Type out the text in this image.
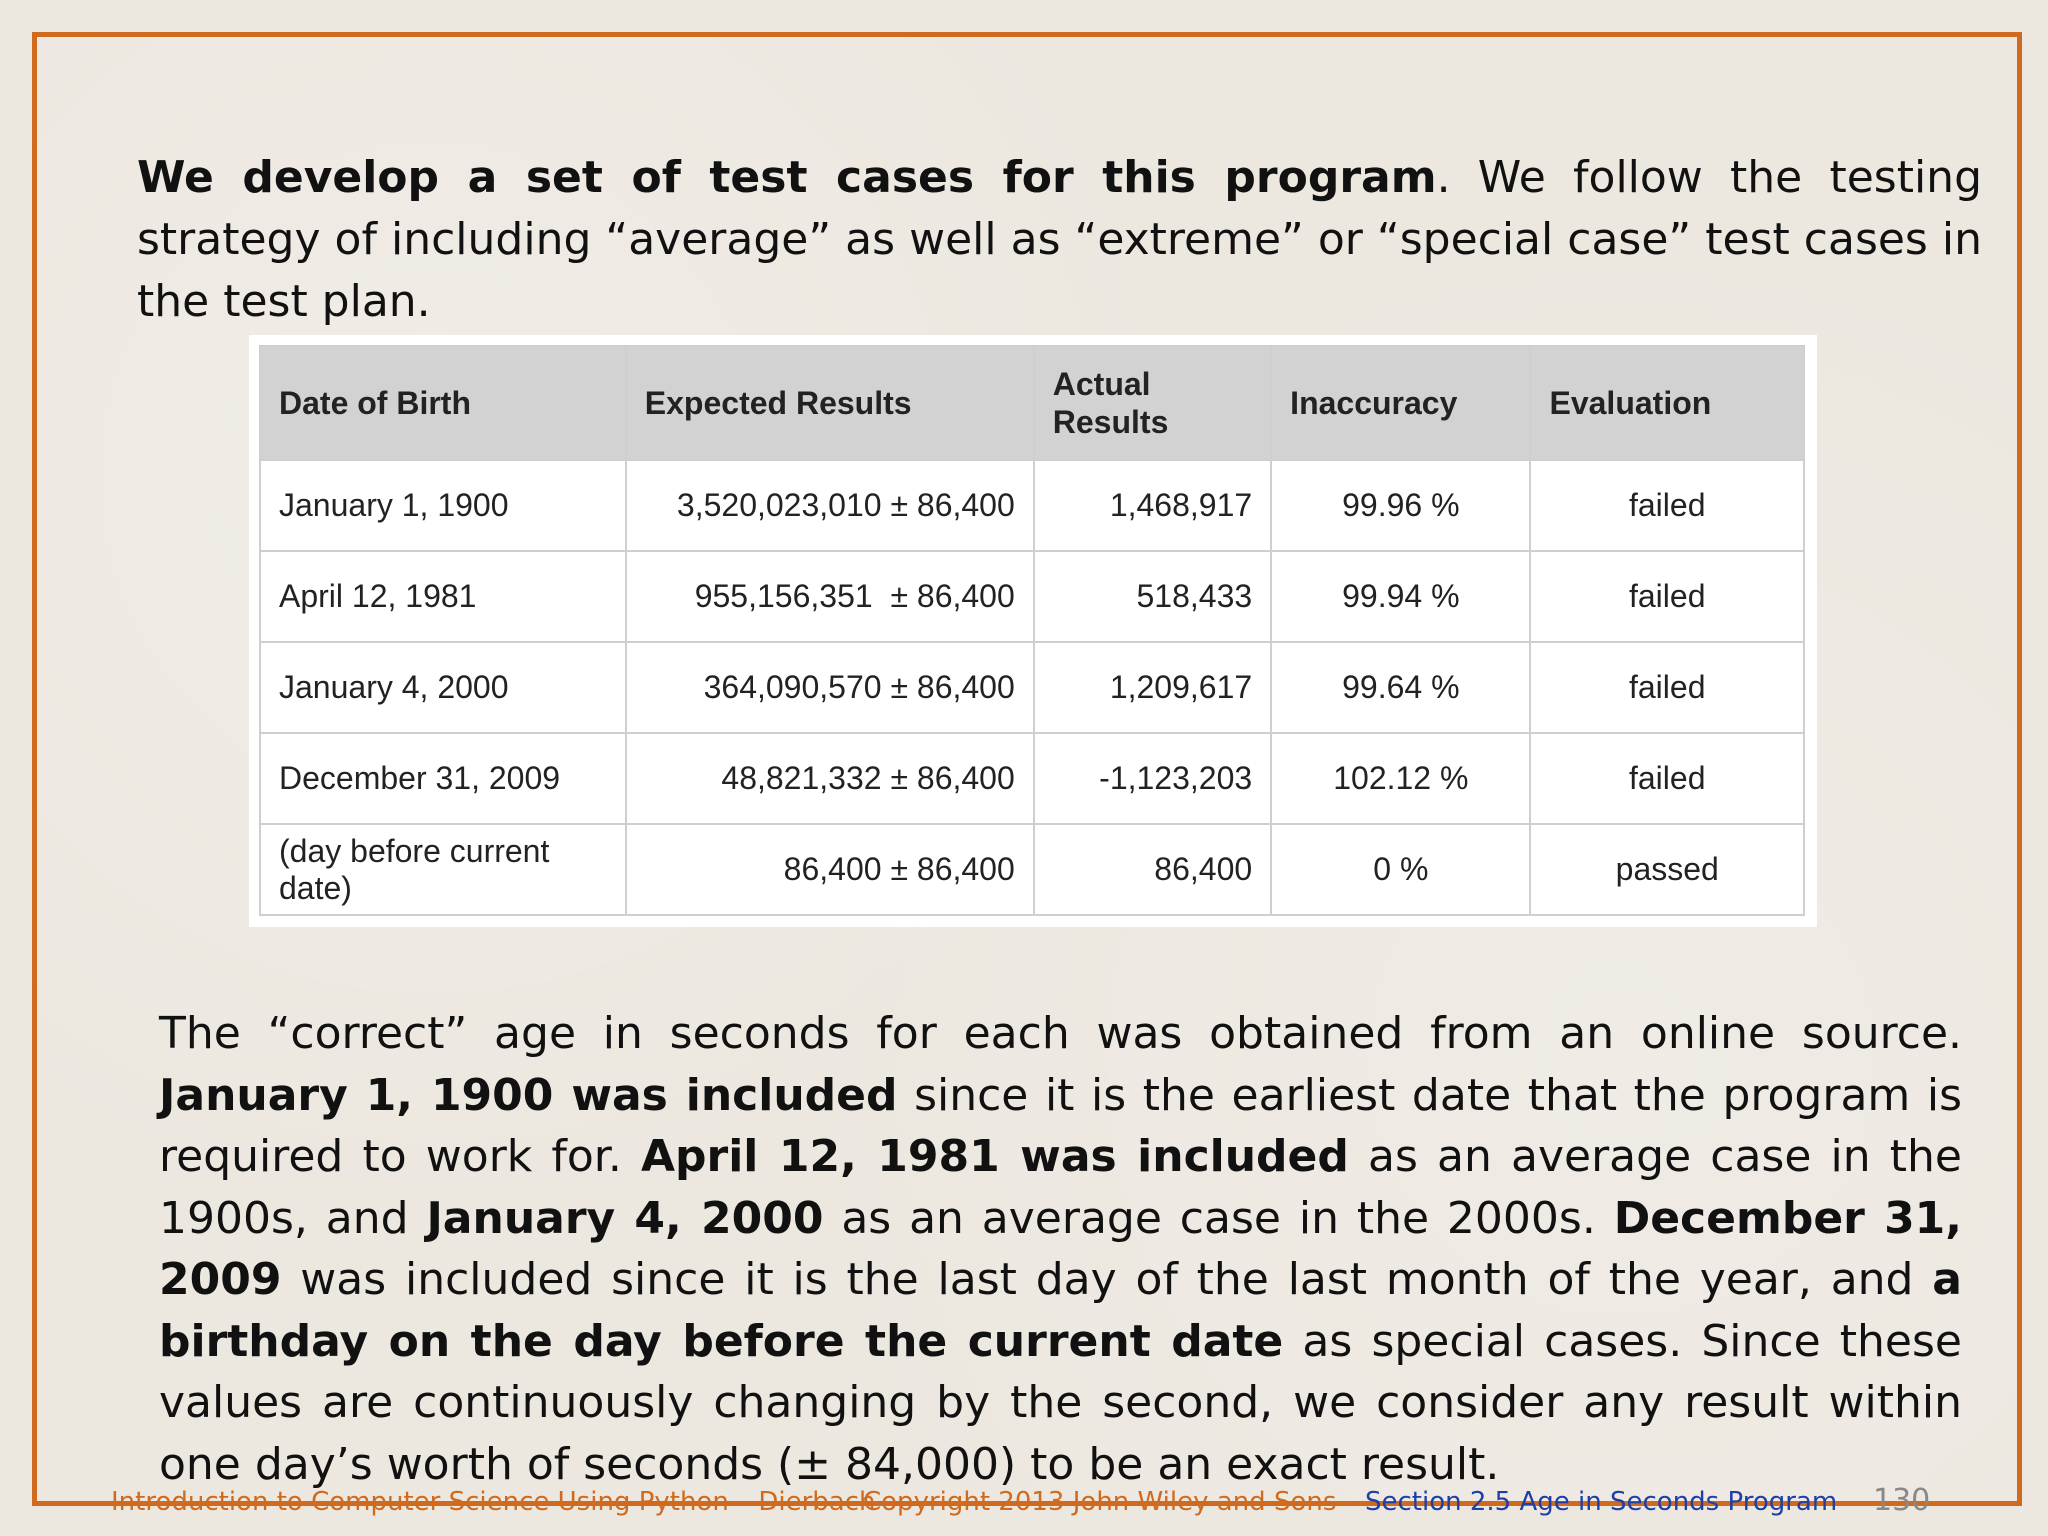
We develop a set of test cases for this program. We follow the testing strategy of including “average” as well as “extreme” or “special case” test cases in the test plan.

Date of Birth	Expected Results	Actual Results	Inaccuracy	Evaluation
January 1, 1900	3,520,023,010 ± 86,400	1,468,917	99.96 %	failed
April 12, 1981	955,156,351  ± 86,400	518,433	99.94 %	failed
January 4, 2000	364,090,570 ± 86,400	1,209,617	99.64 %	failed
December 31, 2009	48,821,332 ± 86,400	-1,123,203	102.12 %	failed
(day before current date)	86,400 ± 86,400	86,400	0 %	passed

The “correct” age in seconds for each was obtained from an online source. January 1, 1900 was included since it is the earliest date that the program is required to work for. April 12, 1981 was included as an average case in the 1900s, and January 4, 2000 as an average case in the 2000s. December 31, 2009 was included since it is the last day of the last month of the year, and a birthday on the day before the current date as special cases. Since these values are continuously changing by the second, we consider any result within one day’s worth of seconds (± 84,000) to be an exact result.

Introduction to Computer Science Using Python – Dierbach
Copyright 2013 John Wiley and Sons Section 2.5 Age in Seconds Program 130
